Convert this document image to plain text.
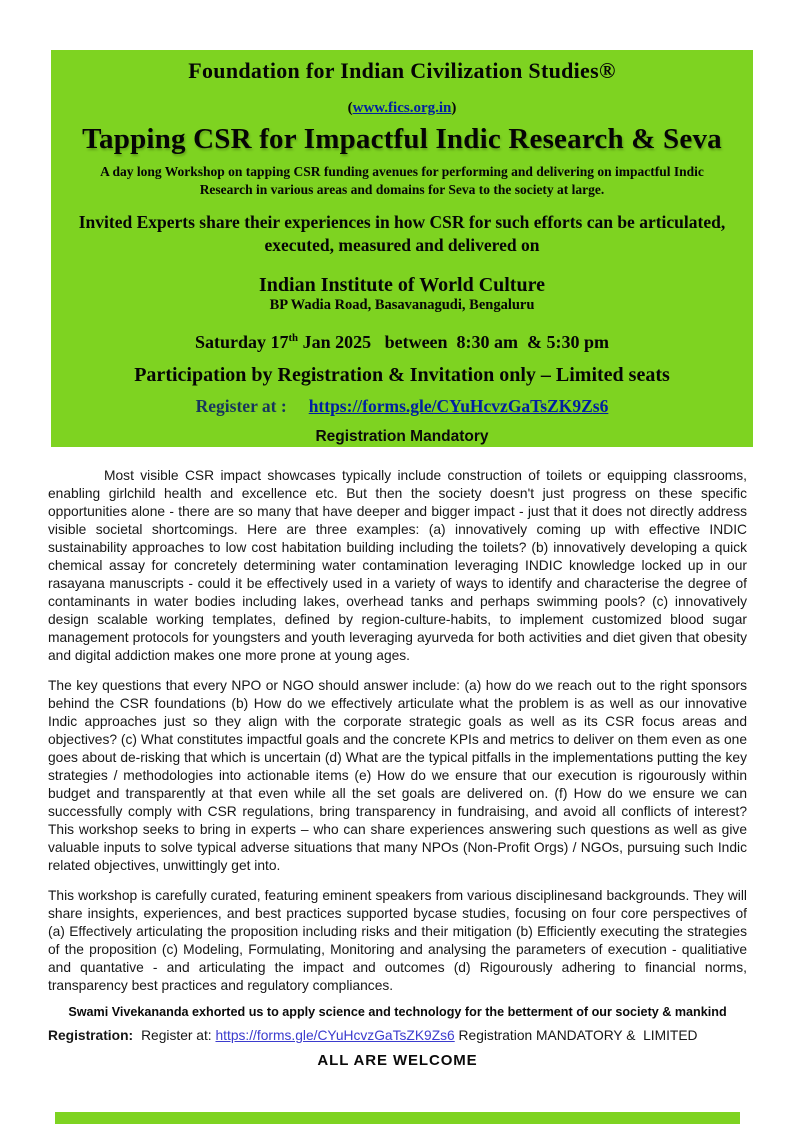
Foundation for Indian Civilization Studies®
(www.fics.org.in)
Tapping CSR for Impactful Indic Research & Seva
A day long Workshop on tapping CSR funding avenues for performing and delivering on impactful Indic Research in various areas and domains for Seva to the society at large.
Invited Experts share their experiences in how CSR for such efforts can be articulated, executed, measured and delivered on
Indian Institute of World Culture
BP Wadia Road, Basavanagudi, Bengaluru
Saturday 17th Jan 2025   between  8:30 am  & 5:30 pm
Participation by Registration & Invitation only – Limited seats
Register at : https://forms.gle/CYuHcvzGaTsZK9Zs6
Registration Mandatory
Most visible CSR impact showcases typically include construction of toilets or equipping classrooms, enabling girlchild health and excellence etc. But then the society doesn't just progress on these specific opportunities alone - there are so many that have deeper and bigger impact - just that it does not directly address visible societal shortcomings. Here are three examples: (a) innovatively coming up with effective INDIC sustainability approaches to low cost habitation building including the toilets? (b) innovatively developing a quick chemical assay for concretely determining water contamination leveraging INDIC knowledge locked up in our rasayana manuscripts - could it be effectively used in a variety of ways to identify and characterise the degree of contaminants in water bodies including lakes, overhead tanks and perhaps swimming pools? (c) innovatively design scalable working templates, defined by region-culture-habits, to implement customized blood sugar management protocols for youngsters and youth leveraging ayurveda for both activities and diet given that obesity and digital addiction makes one more prone at young ages.
The key questions that every NPO or NGO should answer include: (a) how do we reach out to the right sponsors behind the CSR foundations (b) How do we effectively articulate what the problem is as well as our innovative Indic approaches just so they align with the corporate strategic goals as well as its CSR focus areas and objectives? (c) What constitutes impactful goals and the concrete KPIs and metrics to deliver on them even as one goes about de-risking that which is uncertain (d) What are the typical pitfalls in the implementations putting the key strategies / methodologies into actionable items (e) How do we ensure that our execution is rigourously within budget and transparently at that even while all the set goals are delivered on. (f) How do we ensure we can successfully comply with CSR regulations, bring transparency in fundraising, and avoid all conflicts of interest? This workshop seeks to bring in experts – who can share experiences answering such questions as well as give valuable inputs to solve typical adverse situations that many NPOs (Non-Profit Orgs) / NGOs, pursuing such Indic related objectives, unwittingly get into.
This workshop is carefully curated, featuring eminent speakers from various disciplinesand backgrounds. They will share insights, experiences, and best practices supported bycase studies, focusing on four core perspectives of (a) Effectively articulating the proposition including risks and their mitigation (b) Efficiently executing the strategies of the proposition (c) Modeling, Formulating, Monitoring and analysing the parameters of execution - qualitiative and quantative - and articulating the impact and outcomes (d) Rigourously adhering to financial norms, transparency best practices and regulatory compliances.
Swami Vivekananda exhorted us to apply science and technology for the betterment of our society & mankind
Registration: Register at: https://forms.gle/CYuHcvzGaTsZK9Zs6 Registration MANDATORY &  LIMITED
ALL ARE WELCOME
